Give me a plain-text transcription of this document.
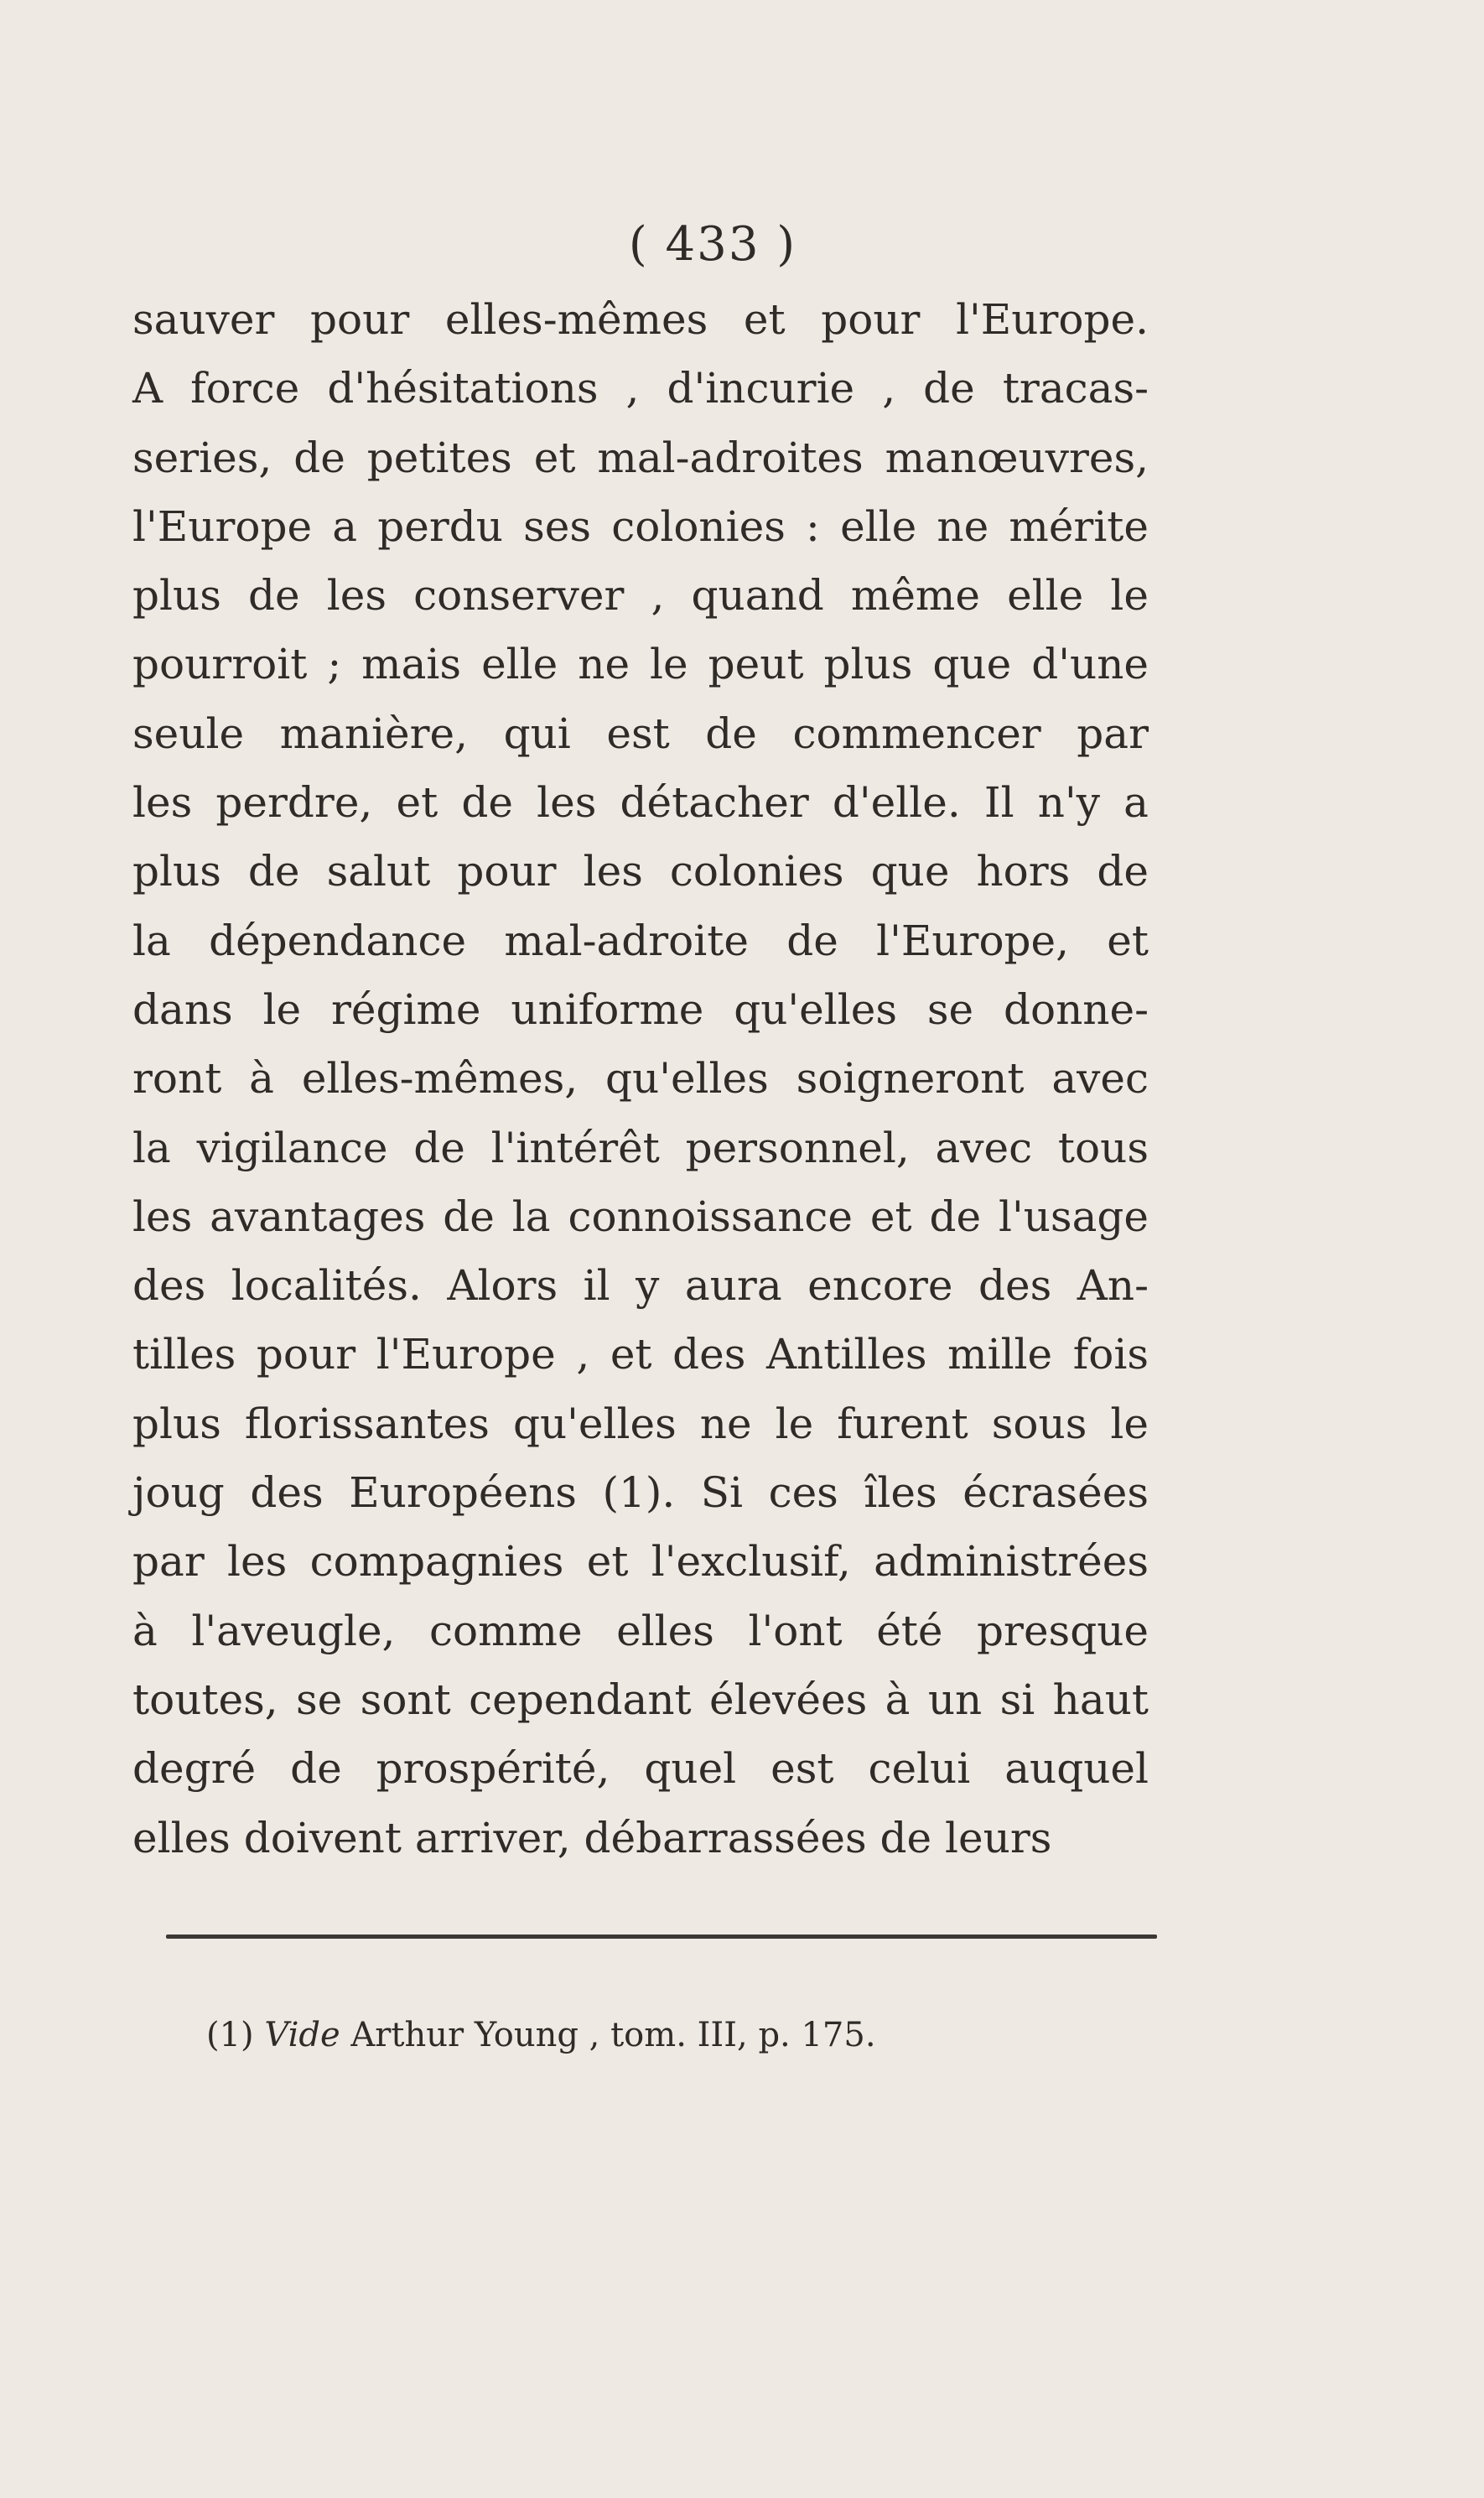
( 433 )
sauver pour elles-mêmes et pour l'Europe.
A force d'hésitations , d'incurie , de tracas-
series, de petites et mal-adroites manœuvres,
l'Europe a perdu ses colonies : elle ne mérite
plus de les conserver , quand même elle le
pourroit ; mais elle ne le peut plus que d'une
seule manière, qui est de commencer par
les perdre, et de les détacher d'elle. Il n'y a
plus de salut pour les colonies que hors de
la dépendance mal-adroite de l'Europe, et
dans le régime uniforme qu'elles se donne-
ront à elles-mêmes, qu'elles soigneront avec
la vigilance de l'intérêt personnel, avec tous
les avantages de la connoissance et de l'usage
des localités. Alors il y aura encore des An-
tilles pour l'Europe , et des Antilles mille fois
plus florissantes qu'elles ne le furent sous le
joug des Européens (1). Si ces îles écrasées
par les compagnies et l'exclusif, administrées
à l'aveugle, comme elles l'ont été presque
toutes, se sont cependant élevées à un si haut
degré de prospérité, quel est celui auquel
elles doivent arriver, débarrassées de leurs
(1) Vide Arthur Young , tom. III, p. 175.
